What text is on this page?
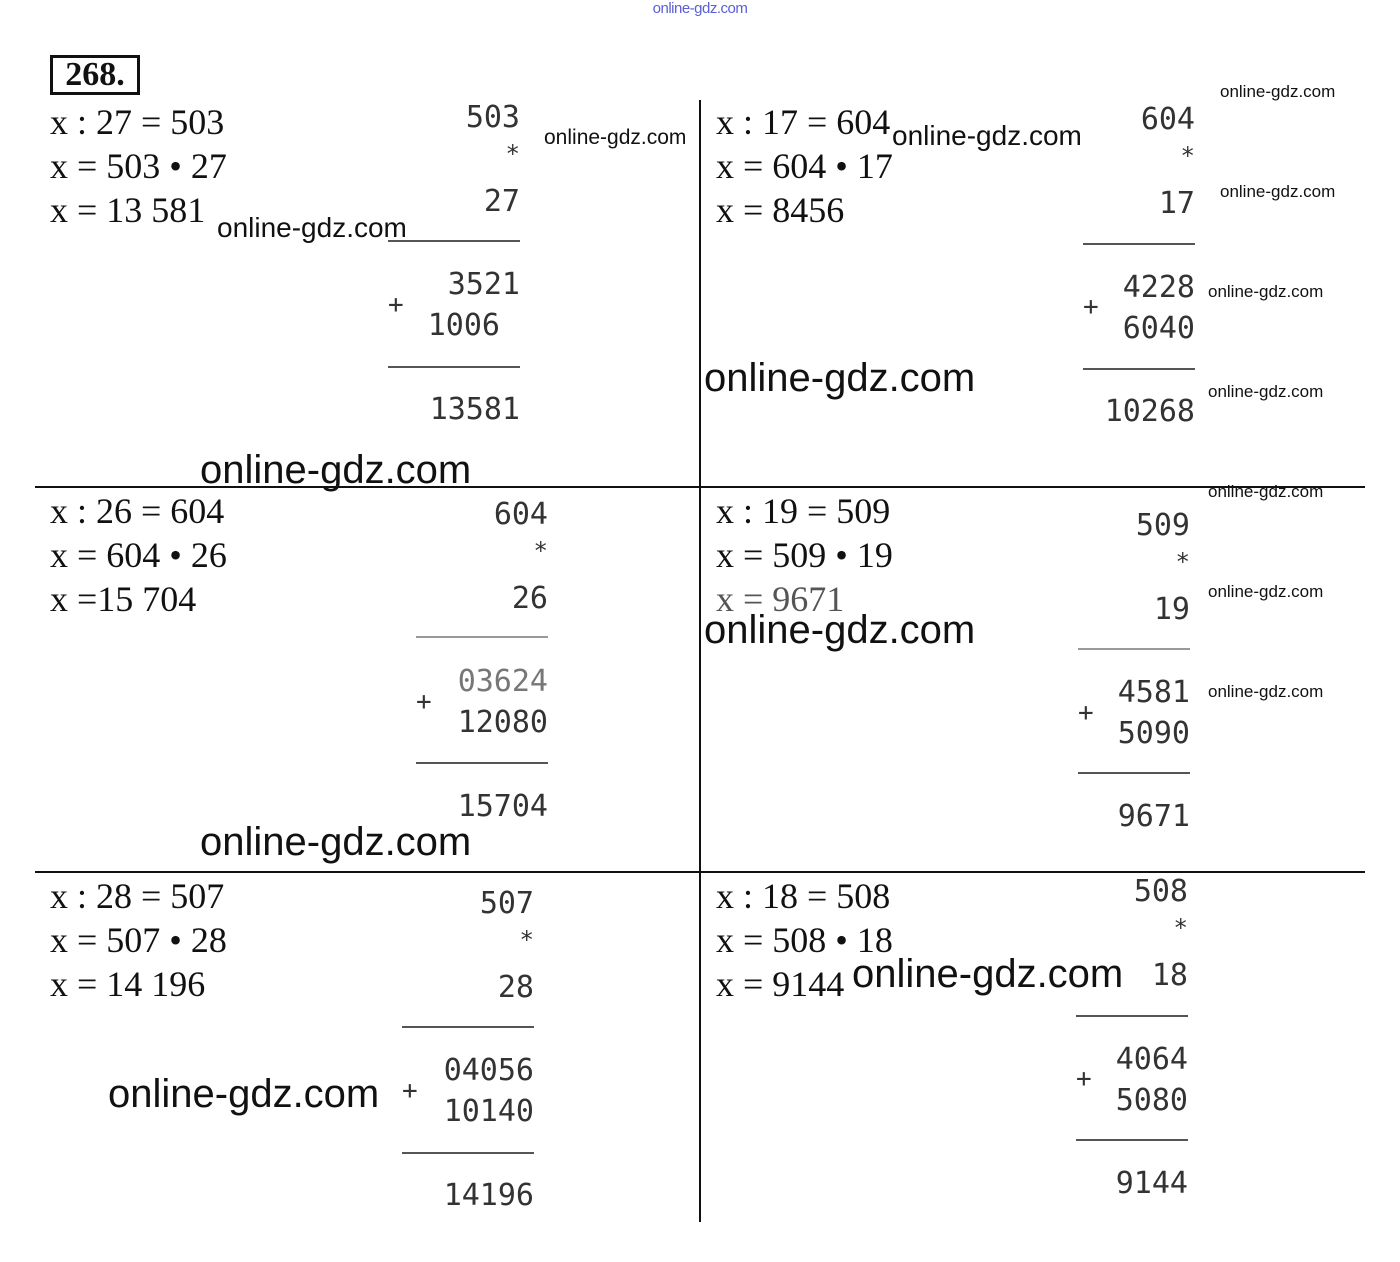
online-gdz.com
268.
x : 27 = 503
x = 503 • 27
x = 13 581
503
*
27
3521
+
1006
13581
x : 17 = 604
x = 604 • 17
x = 8456
604
*
17
4228
+
6040
10268
x : 26 = 604
x = 604 • 26
x =15 704
604
*
26
03624
+
12080
15704
x : 19 = 509
x = 509 • 19
x = 9671
509
*
19
4581
+
5090
9671
x : 28 = 507
x = 507 • 28
x = 14 196
507
*
28
04056
+
10140
14196
x : 18 = 508
x = 508 • 18
x = 9144
508
*
18
4064
+
5080
9144
online-gdz.com
online-gdz.com
online-gdz.com
online-gdz.com
online-gdz.com
online-gdz.com
online-gdz.com
online-gdz.com
online-gdz.com
online-gdz.com
online-gdz.com
online-gdz.com
online-gdz.com
online-gdz.com
online-gdz.com
online-gdz.com
